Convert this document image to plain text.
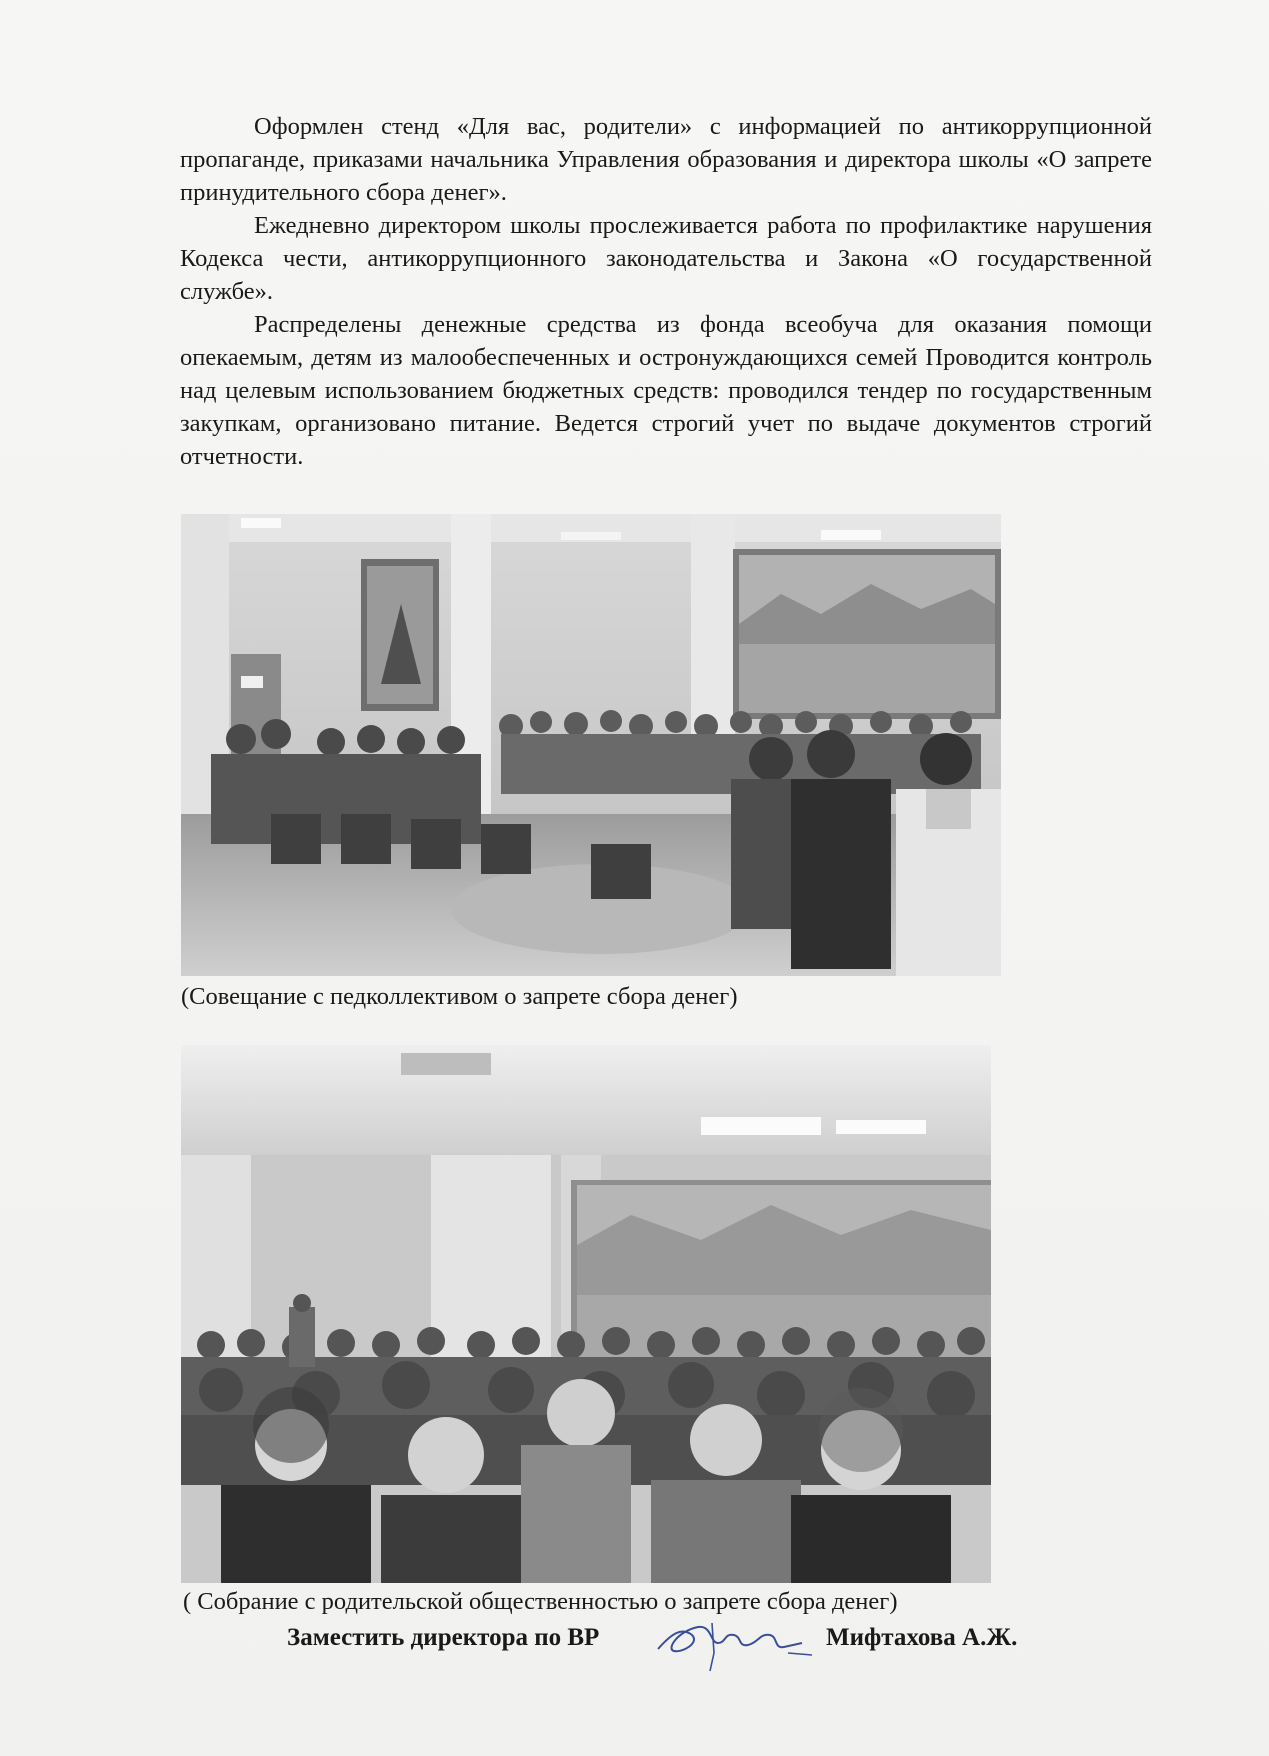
Оформлен стенд «Для вас, родители» с информацией по антикоррупционной пропаганде, приказами начальника Управления образования и директора школы «О запрете принудительного сбора денег».

Ежедневно директором школы прослеживается работа по профилактике нарушения Кодекса чести, антикоррупционного законодательства и Закона «О государственной службе».

Распределены денежные средства из фонда всеобуча для оказания помощи опекаемым, детям из малообеспеченных и остронуждающихся семей Проводится контроль над целевым использованием бюджетных средств: проводился тендер по государственным закупкам, организовано питание. Ведется строгий учет по выдаче документов строгий отчетности.

(Совещание с педколлективом о запрете сбора денег)
( Собрание с родительской общественностью о запрете сбора денег)
Заместить директора по ВР	Мифтахова А.Ж.
